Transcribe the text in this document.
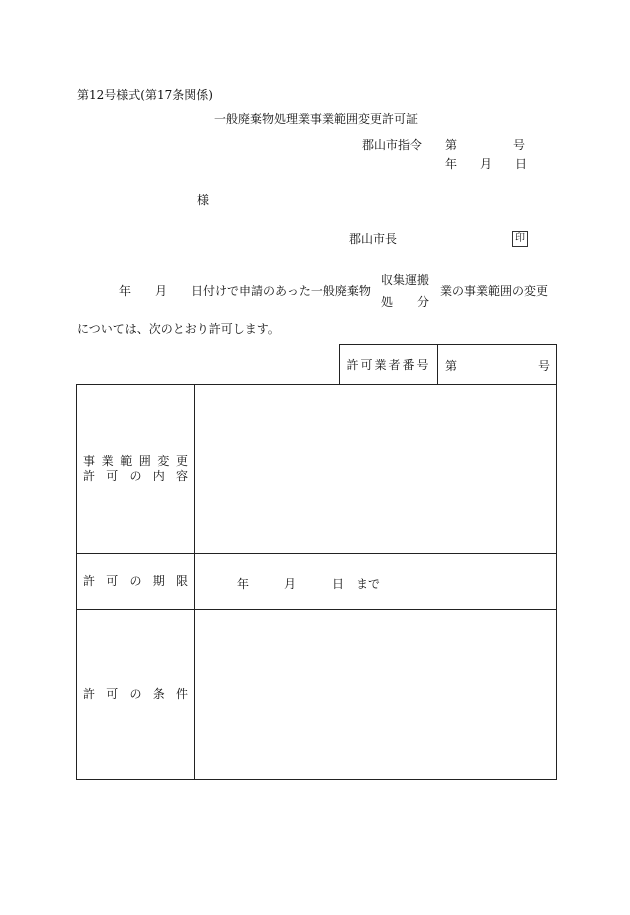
第12号様式(第17条関係)
一般廃棄物処理業事業範囲変更許可証
郡山市指令 第	号
年 月 日
様
郡山市長	印
年 月 日付けで申請のあった一般廃棄物
収集運搬
処　　分
業の事業範囲の変更
については、次のとおり許可します。
許可業者番号	第	号
事業範囲変更
許可の内容	

許可の期限	年 月 日　まで

許可の条件	
